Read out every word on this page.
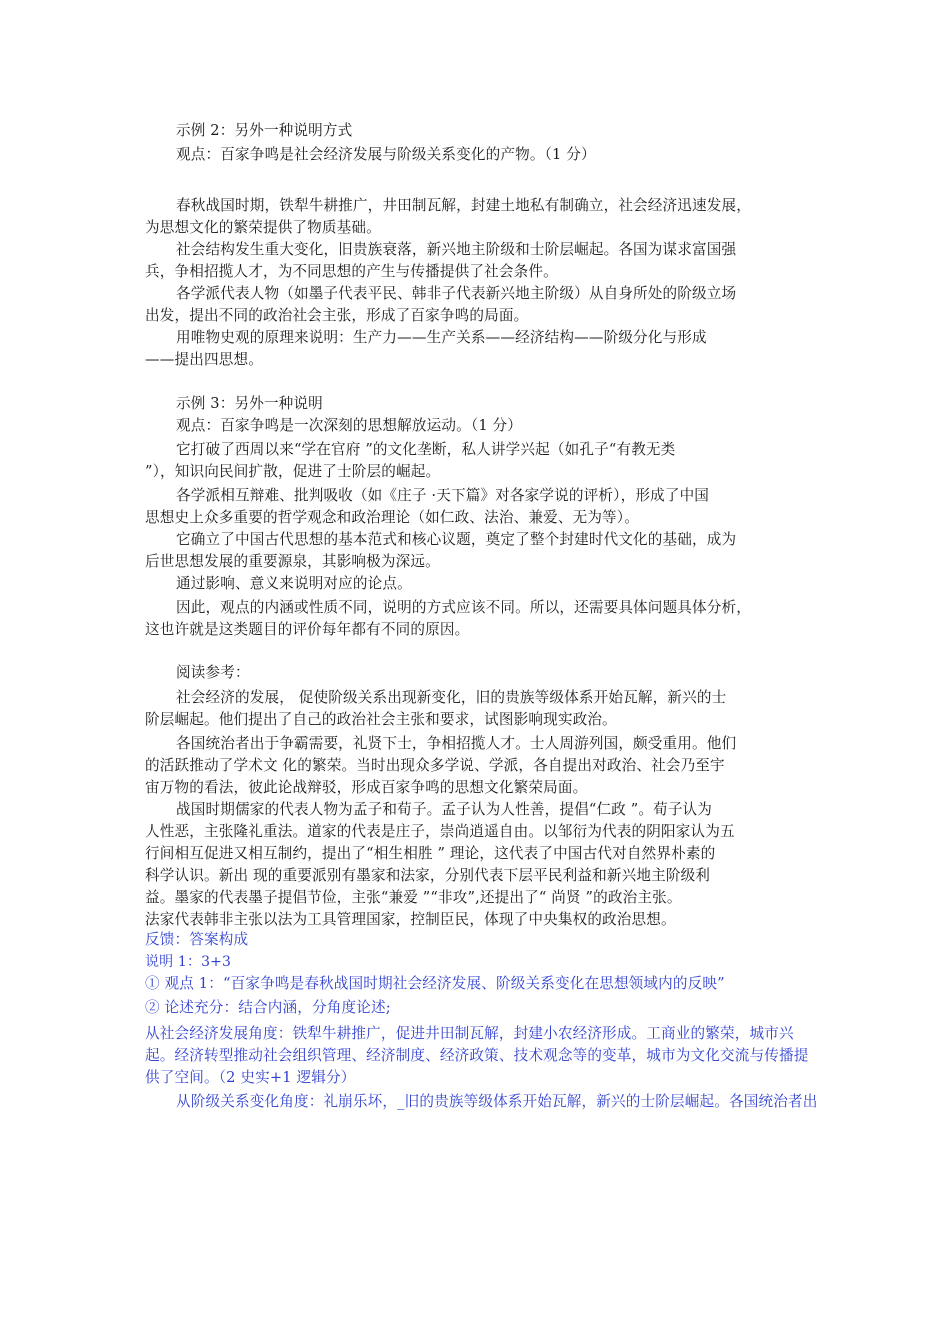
示例 2：另外一种说明方式
观点：百家争鸣是社会经济发展与阶级关系变化的产物。（1 分）
春秋战国时期，铁犁牛耕推广，井田制瓦解，封建土地私有制确立，社会经济迅速发展，
为思想文化的繁荣提供了物质基础。
社会结构发生重大变化，旧贵族衰落，新兴地主阶级和士阶层崛起。各国为谋求富国强
兵，争相招揽人才，为不同思想的产生与传播提供了社会条件。
各学派代表人物（如墨子代表平民、韩非子代表新兴地主阶级）从自身所处的阶级立场
出发，提出不同的政治社会主张，形成了百家争鸣的局面。
用唯物史观的原理来说明：生产力——生产关系——经济结构——阶级分化与形成
——提出四思想。
示例 3：另外一种说明
观点：百家争鸣是一次深刻的思想解放运动。（1 分）
它打破了西周以来“学在官府 ”的文化垄断，私人讲学兴起（如孔子“有教无类
”），知识向民间扩散，促进了士阶层的崛起。
各学派相互辩难、批判吸收（如《庄子 ·天下篇》对各家学说的评析），形成了中国
思想史上众多重要的哲学观念和政治理论（如仁政、法治、兼爱、无为等）。
它确立了中国古代思想的基本范式和核心议题，奠定了整个封建时代文化的基础，成为
后世思想发展的重要源泉，其影响极为深远。
通过影响、意义来说明对应的论点。
因此，观点的内涵或性质不同，说明的方式应该不同。所以，还需要具体问题具体分析，
这也许就是这类题目的评价每年都有不同的原因。
阅读参考：
社会经济的发展， 促使阶级关系出现新变化，旧的贵族等级体系开始瓦解，新兴的士
阶层崛起。他们提出了自己的政治社会主张和要求，试图影响现实政治。
各国统治者出于争霸需要，礼贤下士，争相招揽人才。士人周游列国，颇受重用。他们
的活跃推动了学术文 化的繁荣。当时出现众多学说、学派，各自提出对政治、社会乃至宇
宙万物的看法，彼此论战辩驳，形成百家争鸣的思想文化繁荣局面。
战国时期儒家的代表人物为孟子和荀子。孟子认为人性善，提倡“仁政 ”。荀子认为
人性恶，主张隆礼重法。道家的代表是庄子，崇尚逍遥自由。以邹衍为代表的阴阳家认为五
行间相互促进又相互制约，提出了“相生相胜 ” 理论，这代表了中国古代对自然界朴素的
科学认识。新出 现的重要派别有墨家和法家，分别代表下层平民利益和新兴地主阶级利
益。墨家的代表墨子提倡节俭，主张“兼爱 ”“非攻”,还提出了“ 尚贤 ”的政治主张。
法家代表韩非主张以法为工具管理国家，控制臣民，体现了中央集权的政治思想。
反馈：答案构成
说明 1：3+3
① 观点 1：“百家争鸣是春秋战国时期社会经济发展、阶级关系变化在思想领域内的反映”
② 论述充分：结合内涵，分角度论述;
从社会经济发展角度：铁犁牛耕推广，促进井田制瓦解，封建小农经济形成。工商业的繁荣，城市兴
起。经济转型推动社会组织管理、经济制度、经济政策、技术观念等的变革，城市为文化交流与传播提
供了空间。（2 史实+1 逻辑分）
从阶级关系变化角度：礼崩乐坏，_旧的贵族等级体系开始瓦解，新兴的士阶层崛起。各国统治者出
